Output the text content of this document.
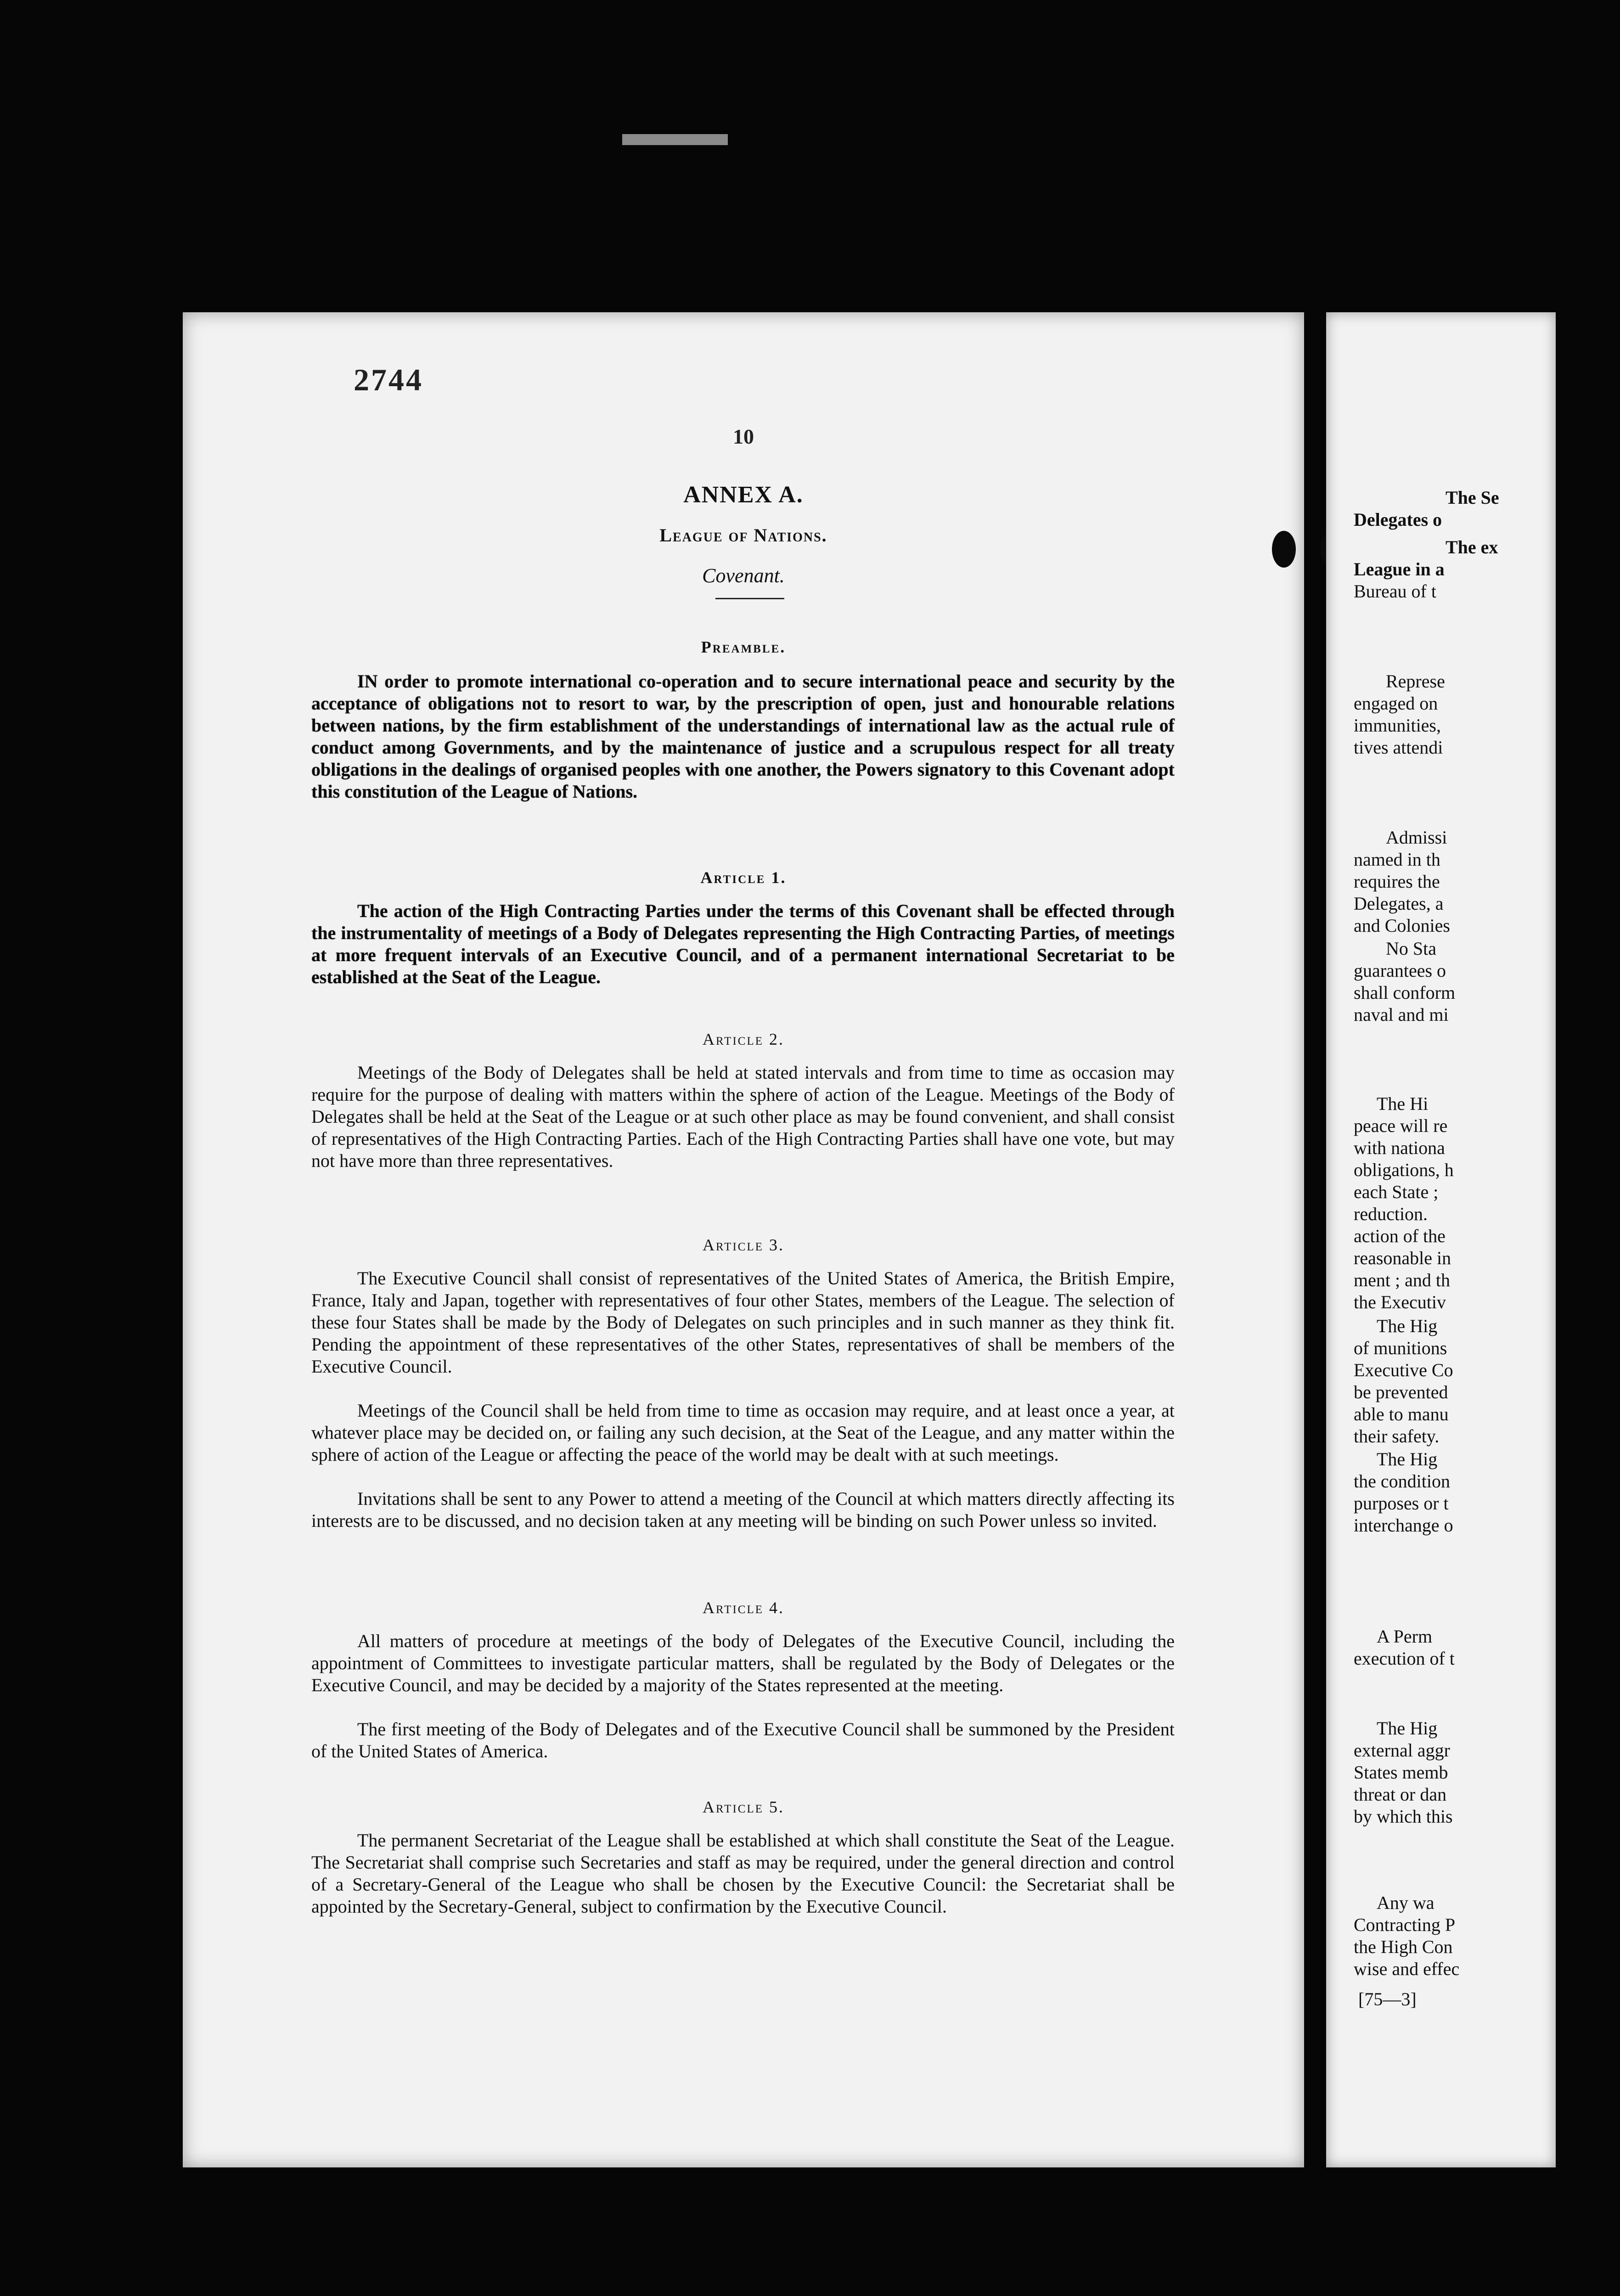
2744
10
ANNEX A.
League of Nations.
Covenant.
Preamble.

IN order to promote international co-operation and to secure international peace and security by the acceptance of obligations not to resort to war, by the prescription of open, just and honourable relations between nations, by the firm establishment of the understandings of international law as the actual rule of conduct among Governments, and by the maintenance of justice and a scrupulous respect for all treaty obligations in the dealings of organised peoples with one another, the Powers signatory to this Covenant adopt this constitution of the League of Nations.

Article 1.

The action of the High Contracting Parties under the terms of this Covenant shall be effected through the instrumentality of meetings of a Body of Delegates representing the High Contracting Parties, of meetings at more frequent intervals of an Executive Council, and of a permanent international Secretariat to be established at the Seat of the League.

Article 2.

Meetings of the Body of Delegates shall be held at stated intervals and from time to time as occasion may require for the purpose of dealing with matters within the sphere of action of the League. Meetings of the Body of Delegates shall be held at the Seat of the League or at such other place as may be found convenient, and shall consist of representatives of the High Contracting Parties. Each of the High Contracting Parties shall have one vote, but may not have more than three representatives.

Article 3.

The Executive Council shall consist of representatives of the United States of America, the British Empire, France, Italy and Japan, together with representatives of four other States, members of the League. The selection of these four States shall be made by the Body of Delegates on such principles and in such manner as they think fit. Pending the appointment of these representatives of the other States, representatives of shall be members of the Executive Council.

Meetings of the Council shall be held from time to time as occasion may require, and at least once a year, at whatever place may be decided on, or failing any such decision, at the Seat of the League, and any matter within the sphere of action of the League or affecting the peace of the world may be dealt with at such meetings.

Invitations shall be sent to any Power to attend a meeting of the Council at which matters directly affecting its interests are to be discussed, and no decision taken at any meeting will be binding on such Power unless so invited.

Article 4.

All matters of procedure at meetings of the body of Delegates of the Executive Council, including the appointment of Committees to investigate particular matters, shall be regulated by the Body of Delegates or the Executive Council, and may be decided by a majority of the States represented at the meeting.

The first meeting of the Body of Delegates and of the Executive Council shall be summoned by the President of the United States of America.

Article 5.

The permanent Secretariat of the League shall be established at which shall constitute the Seat of the League. The Secretariat shall comprise such Secretaries and staff as may be required, under the general direction and control of a Secretary-General of the League who shall be chosen by the Executive Council: the Secretariat shall be appointed by the Secretary-General, subject to confirmation by the Executive Council.

The Se
Delegates o
The ex
League in a
Bureau of t
Represe
engaged on
immunities,
tives attendi
Admissi
named in th
requires the
Delegates, a
and Colonies
No Sta
guarantees o
shall conform
naval and mi
The Hi
peace will re
with nationa
obligations, h
each State ;
reduction.
action of the
reasonable in
ment ; and th
the Executiv
The Hig
of munitions
Executive Co
be prevented
able to manu
their safety.
The Hig
the condition
purposes or t
interchange o
A Perm
execution of t
The Hig
external aggr
States memb
threat or dan
by which this
Any wa
Contracting P
the High Con
wise and effec
[75—3]
